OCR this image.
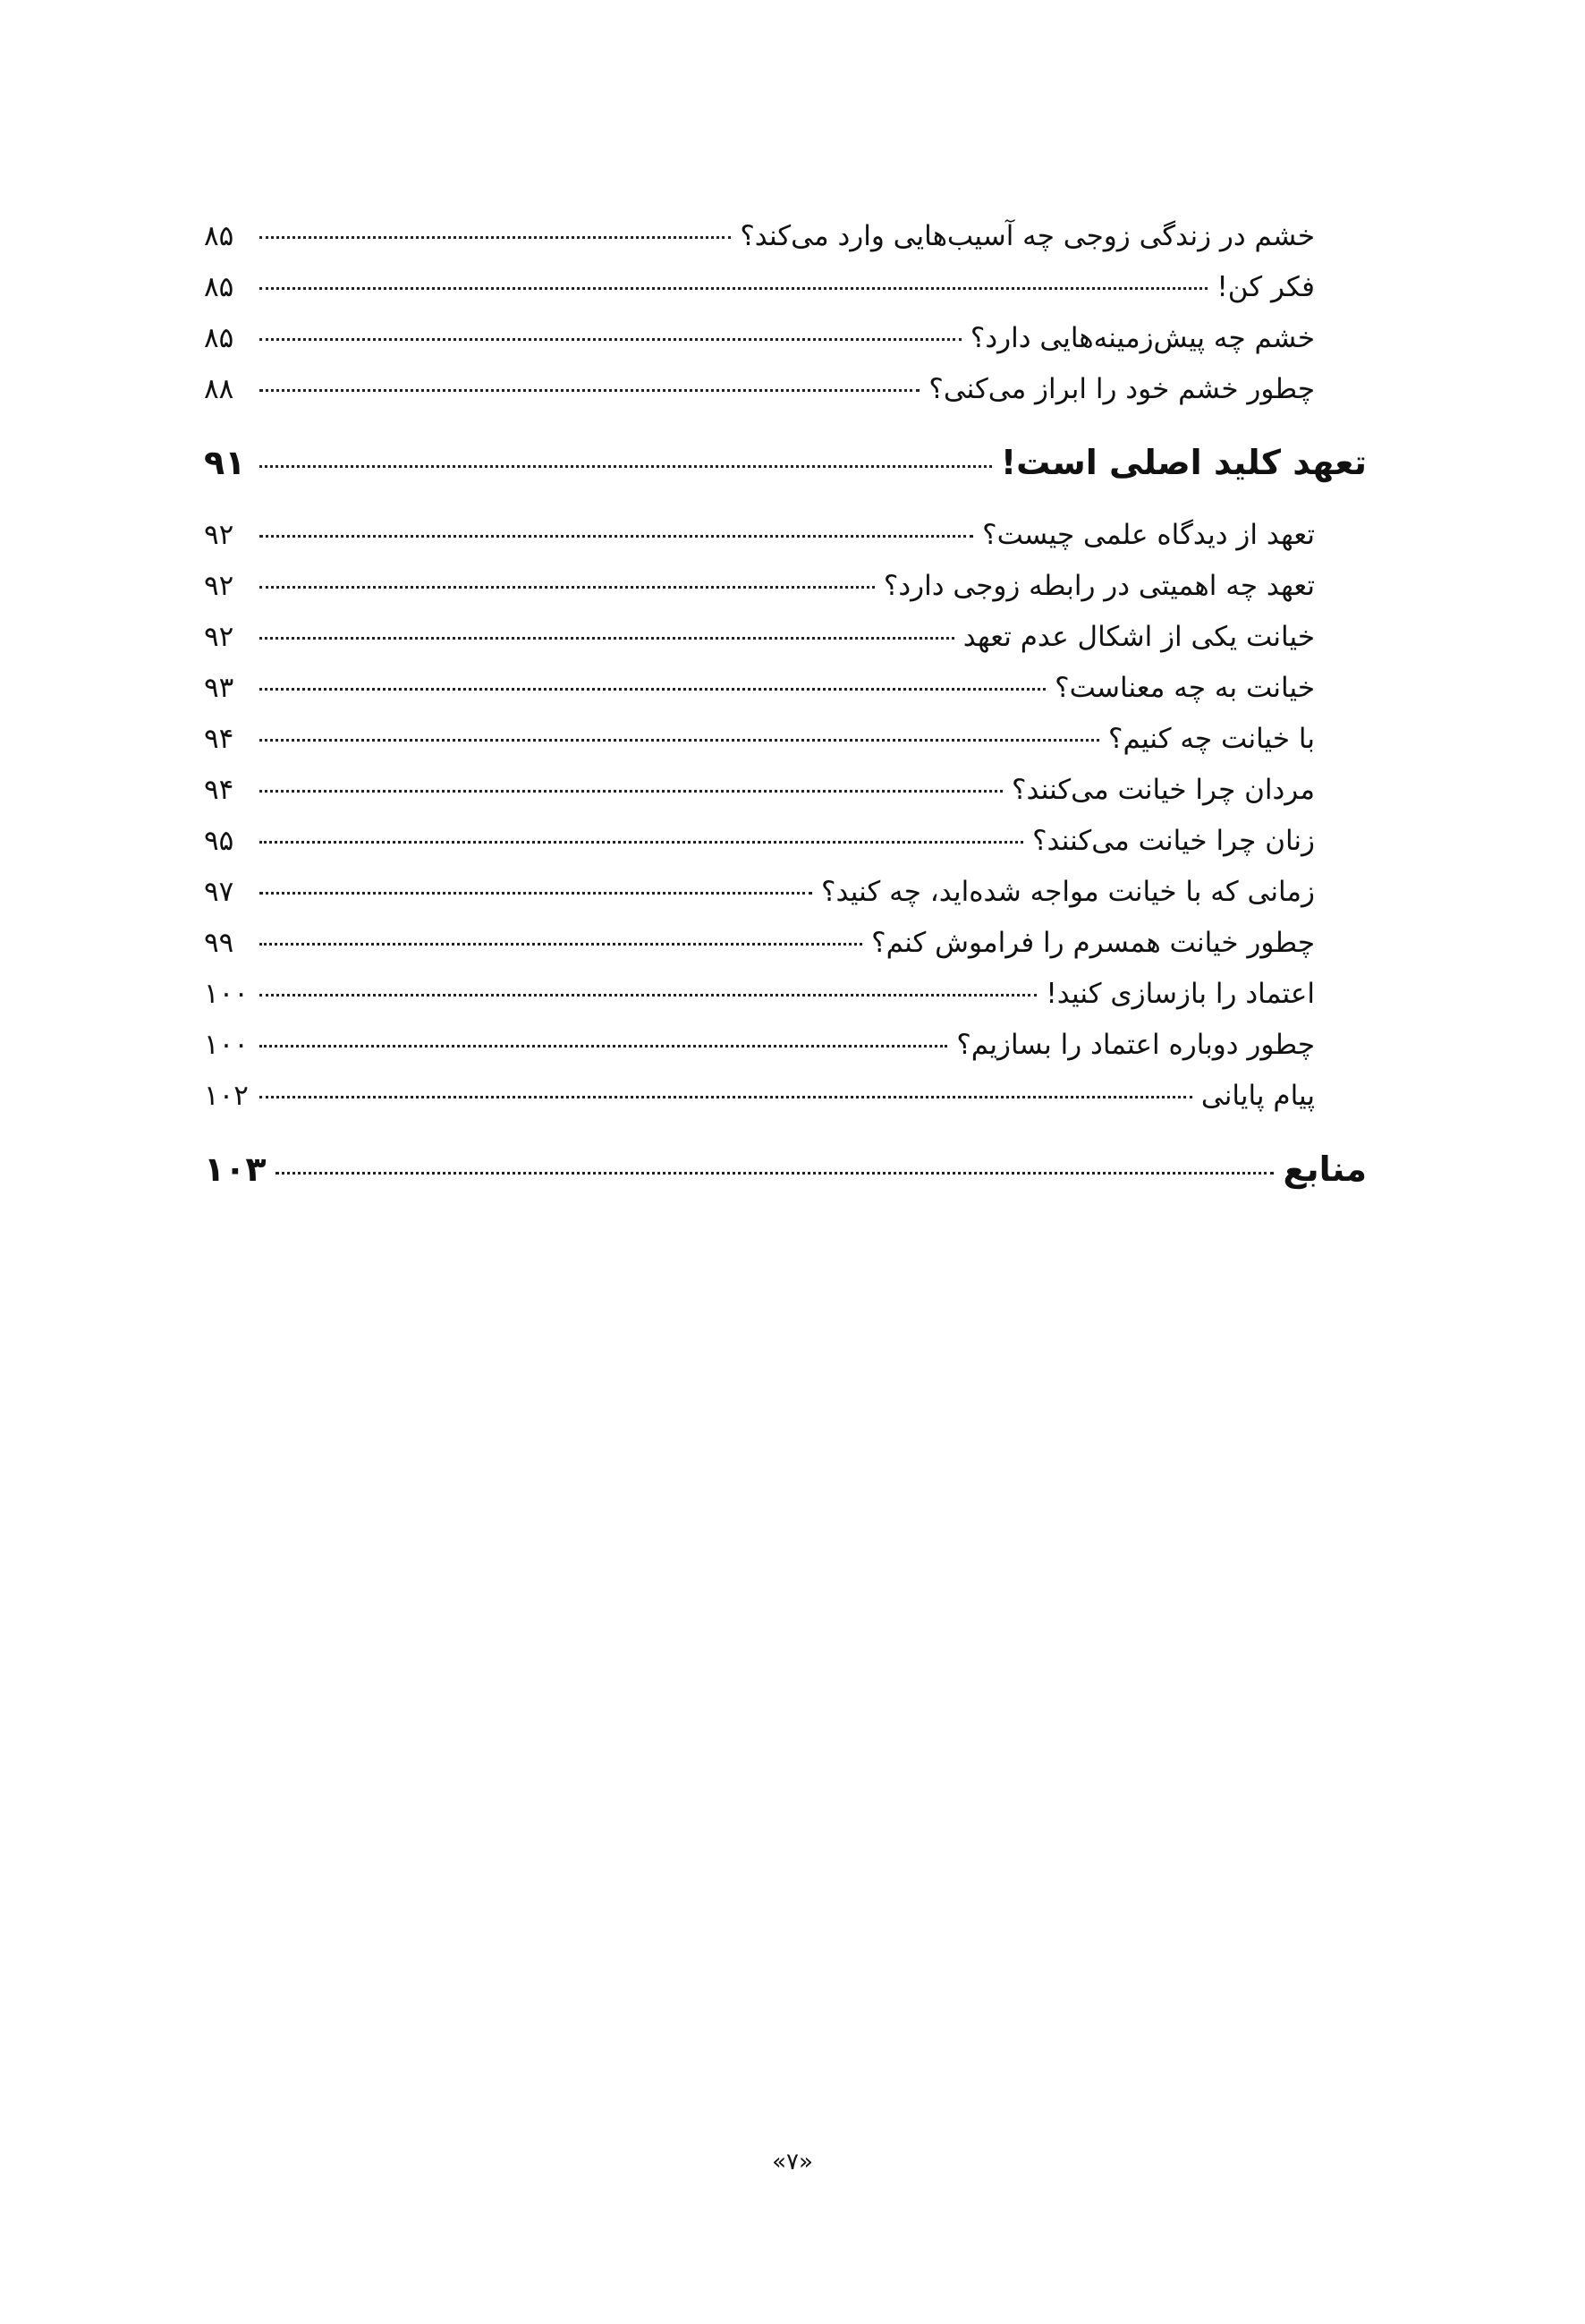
خشم در زندگی زوجی چه آسیب‌هایی وارد می‌کند؟
۸۵
فکر کن!
۸۵
خشم چه پیش‌زمینه‌هایی دارد؟
۸۵
چطور خشم خود را ابراز می‌کنی؟
۸۸
تعهد کلید اصلی است!
۹۱
تعهد از دیدگاه علمی چیست؟
۹۲
تعهد چه اهمیتی در رابطه زوجی دارد؟
۹۲
خیانت یکی از اشکال عدم تعهد
۹۲
خیانت به چه معناست؟
۹۳
با خیانت چه کنیم؟
۹۴
مردان چرا خیانت می‌کنند؟
۹۴
زنان چرا خیانت می‌کنند؟
۹۵
زمانی که با خیانت مواجه شده‌اید، چه کنید؟
۹۷
چطور خیانت همسرم را فراموش کنم؟
۹۹
اعتماد را بازسازی کنید!
۱۰۰
چطور دوباره اعتماد را بسازیم؟
۱۰۰
پیام پایانی
۱۰۲
منابع
۱۰۳
«۷»
